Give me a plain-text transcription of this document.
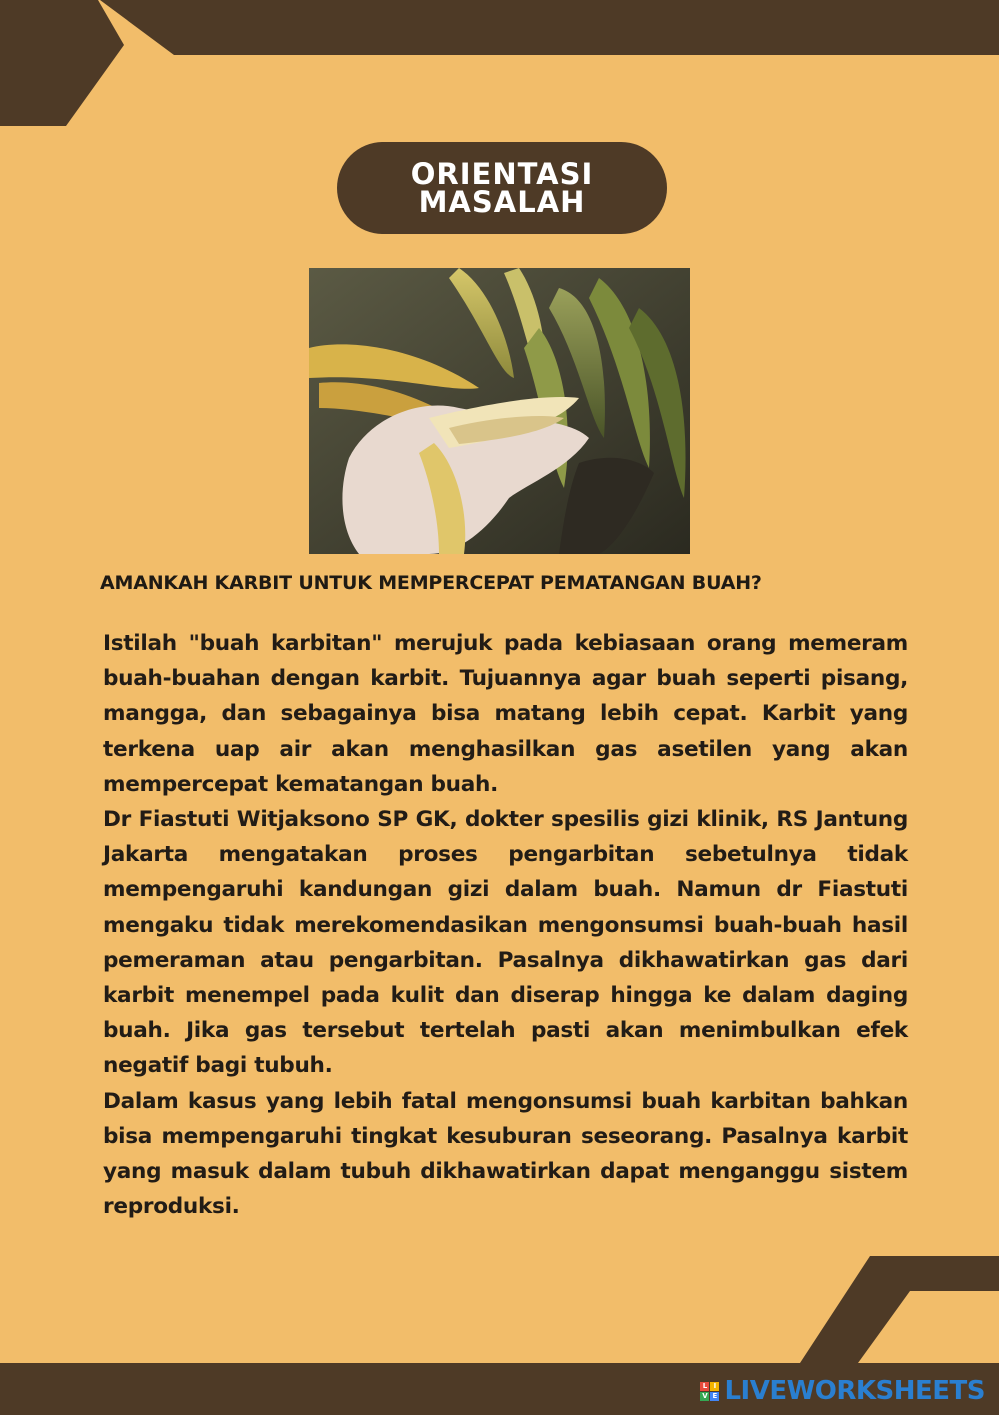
ORIENTASI
MASALAH
AMANKAH KARBIT UNTUK MEMPERCEPAT PEMATANGAN BUAH?

Istilah "buah karbitan" merujuk pada kebiasaan orang memeram buah-buahan dengan karbit. Tujuannya agar buah seperti pisang, mangga, dan sebagainya bisa matang lebih cepat. Karbit yang terkena uap air akan menghasilkan gas asetilen yang akan mempercepat kematangan buah.

Dr Fiastuti Witjaksono SP GK, dokter spesilis gizi klinik, RS Jantung Jakarta mengatakan proses pengarbitan sebetulnya tidak mempengaruhi kandungan gizi dalam buah. Namun dr Fiastuti mengaku tidak merekomendasikan mengonsumsi buah-buah hasil pemeraman atau pengarbitan. Pasalnya dikhawatirkan gas dari karbit menempel pada kulit dan diserap hingga ke dalam daging buah. Jika gas tersebut tertelah pasti akan menimbulkan efek negatif bagi tubuh.

Dalam kasus yang lebih fatal mengonsumsi buah karbitan bahkan bisa mempengaruhi tingkat kesuburan seseorang. Pasalnya karbit yang masuk dalam tubuh dikhawatirkan dapat menganggu sistem reproduksi.

L I
V E LIVEWORKSHEETS
